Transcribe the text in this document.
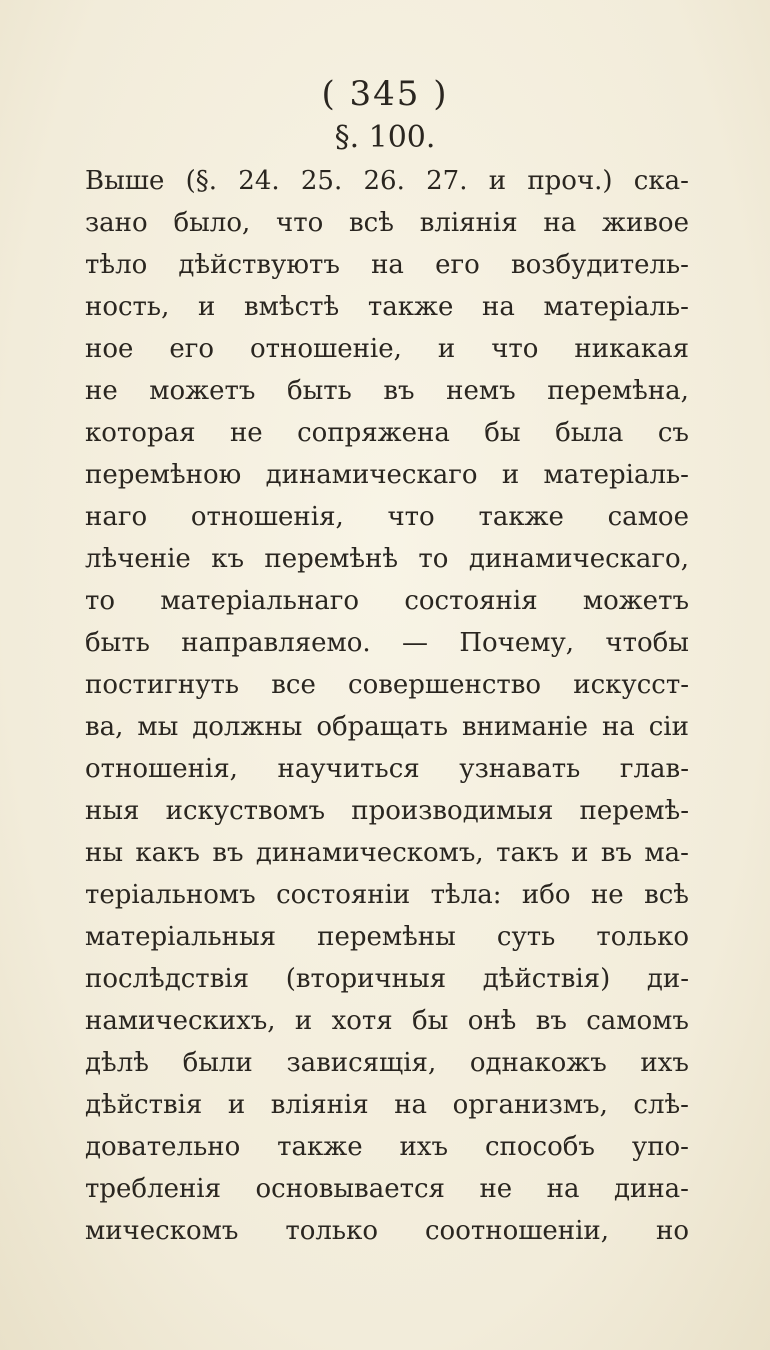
( 345 )
§. 100.
Выше (§. 24. 25. 26. 27. и проч.) ска-
зано было, что всѣ влiянiя на живое
тѣло дѣйствуютъ на его возбудитель-
ность, и вмѣстѣ также на матерiаль-
ное его отношенiе, и что никакая
не можетъ быть въ немъ перемѣна,
которая не сопряжена бы была съ
перемѣною динамическаго и матерiаль-
наго отношенiя, что также самое
лѣченiе къ перемѣнѣ то динамическаго,
то матерiальнаго состоянiя можетъ
быть направляемо. — Почему, чтобы
постигнуть все совершенство искусст-
ва, мы должны обращать вниманiе на сiи
отношенiя, научиться узнавать глав-
ныя искуствомъ производимыя перемѣ-
ны какъ въ динамическомъ, такъ и въ ма-
терiальномъ состоянiи тѣла: ибо не всѣ
матерiальныя перемѣны суть только
послѣдствiя (вторичныя дѣйствiя) ди-
намическихъ, и хотя бы онѣ въ самомъ
дѣлѣ были зависящiя, однакожъ ихъ
дѣйствiя и влiянiя на организмъ, слѣ-
довательно также ихъ способъ упо-
требленiя основывается не на дина-
мическомъ только соотношенiи, но
